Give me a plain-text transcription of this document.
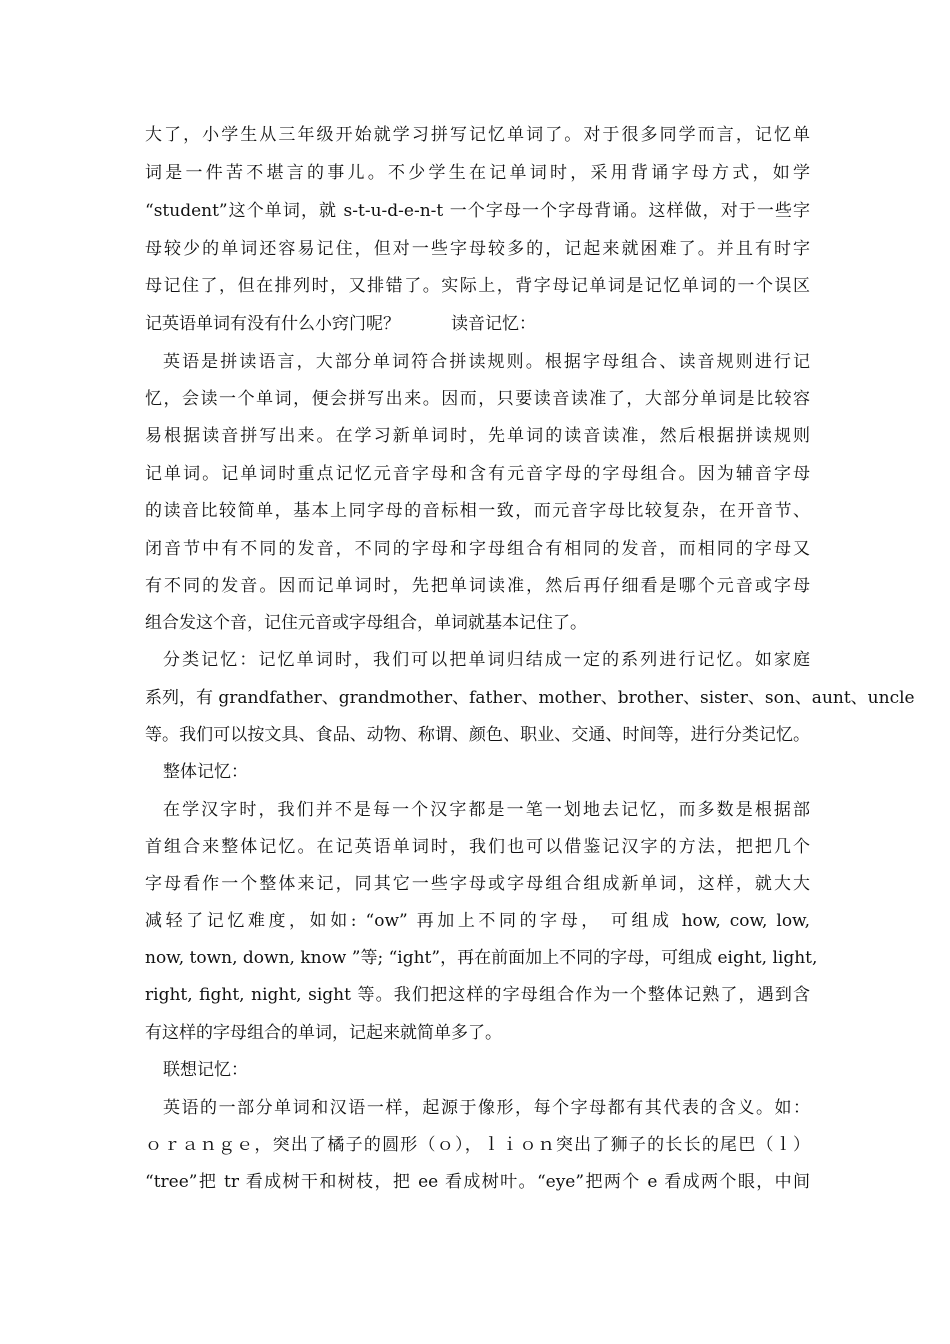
大了，小学生从三年级开始就学习拼写记忆单词了。对于很多同学而言，记忆单
词是一件苦不堪言的事儿。不少学生在记单词时，采用背诵字母方式，如学
“student”这个单词，就 s-t-u-d-e-n-t 一个字母一个字母背诵。这样做，对于一些字
母较少的单词还容易记住，但对一些字母较多的，记起来就困难了。并且有时字
母记住了，但在排列时，又排错了。实际上，背字母记单词是记忆单词的一个误区
记英语单词有没有什么小窍门呢？　　　读音记忆：
英语是拼读语言，大部分单词符合拼读规则。根据字母组合、读音规则进行记
忆，会读一个单词，便会拼写出来。因而，只要读音读准了，大部分单词是比较容
易根据读音拼写出来。在学习新单词时，先单词的读音读准，然后根据拼读规则
记单词。记单词时重点记忆元音字母和含有元音字母的字母组合。因为辅音字母
的读音比较简单，基本上同字母的音标相一致，而元音字母比较复杂，在开音节、
闭音节中有不同的发音，不同的字母和字母组合有相同的发音，而相同的字母又
有不同的发音。因而记单词时，先把单词读准，然后再仔细看是哪个元音或字母
组合发这个音，记住元音或字母组合，单词就基本记住了。
分类记忆：记忆单词时，我们可以把单词归结成一定的系列进行记忆。如家庭
系列，有 grandfather、grandmother、father、mother、brother、sister、son、aunt、uncle
等。我们可以按文具、食品、动物、称谓、颜色、职业、交通、时间等，进行分类记忆。
整体记忆：
在学汉字时，我们并不是每一个汉字都是一笔一划地去记忆，而多数是根据部
首组合来整体记忆。在记英语单词时，我们也可以借鉴记汉字的方法，把把几个
字母看作一个整体来记，同其它一些字母或字母组合组成新单词，这样，就大大
减轻了记忆难度，如如: “ow” 再加上不同的字母， 可组成 how, cow, low,
now, town, down, know ”等; “ight”，再在前面加上不同的字母，可组成 eight, light,
right, fight, night, sight 等。我们把这样的字母组合作为一个整体记熟了，遇到含
有这样的字母组合的单词，记起来就简单多了。
联想记忆：
英语的一部分单词和汉语一样，起源于像形，每个字母都有其代表的含义。如：
ｏｒａｎｇｅ，突出了橘子的圆形（ｏ），ｌｉｏｎ突出了狮子的长长的尾巴（ｌ）
“tree”把 tr 看成树干和树枝，把 ee 看成树叶。“eye”把两个 e 看成两个眼，中间
